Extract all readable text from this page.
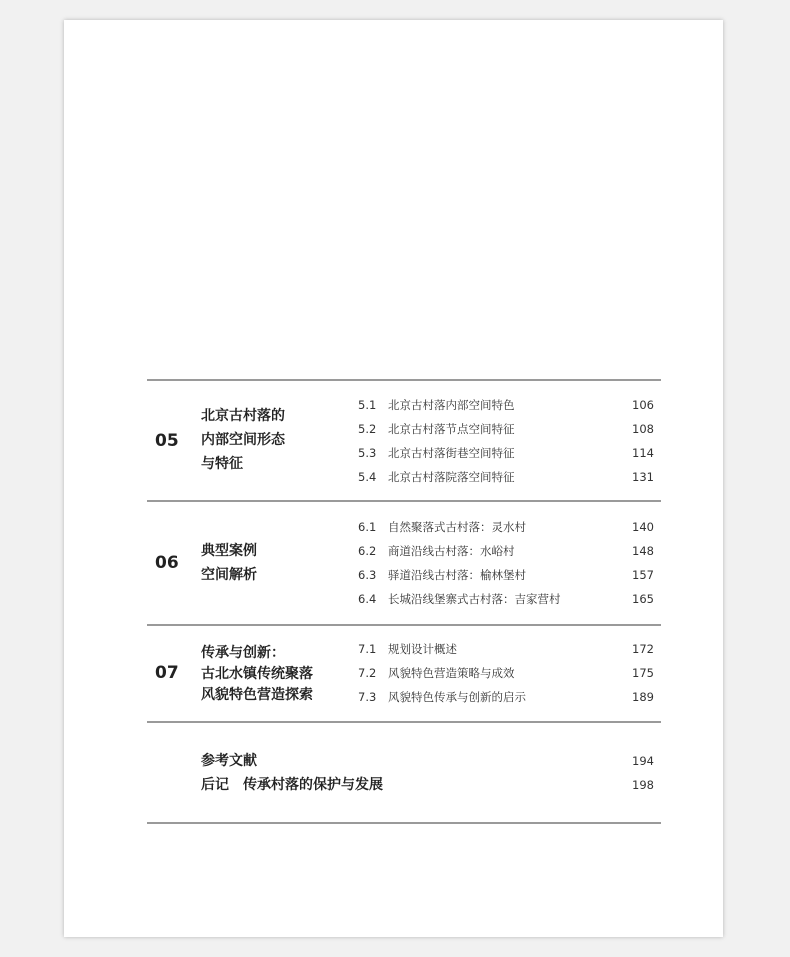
05
北京古村落的
内部空间形态
与特征
5.1 北京古村落内部空间特色	106
5.2 北京古村落节点空间特征	108
5.3 北京古村落街巷空间特征	114
5.4 北京古村落院落空间特征	131
06
典型案例
空间解析
6.1 自然聚落式古村落：灵水村	140
6.2 商道沿线古村落：水峪村	148
6.3 驿道沿线古村落：榆林堡村	157
6.4 长城沿线堡寨式古村落：吉家营村	165
07
传承与创新：
古北水镇传统聚落
风貌特色营造探索
7.1 规划设计概述	172
7.2 风貌特色营造策略与成效	175
7.3 风貌特色传承与创新的启示	189
参考文献	194
后记　传承村落的保护与发展	198
